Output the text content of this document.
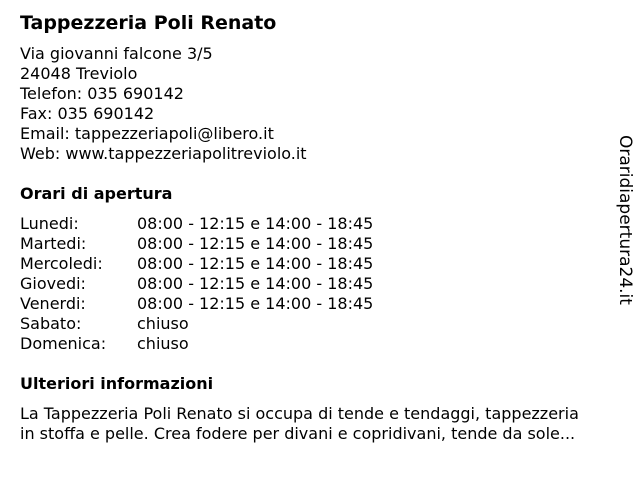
Tappezzeria Poli Renato
Via giovanni falcone 3/5
24048 Treviolo
Telefon: 035 690142
Fax: 035 690142
Email: tappezzeriapoli@libero.it
Web: www.tappezzeriapolitreviolo.it
Orari di apertura
Lunedi:	08:00 - 12:15 e 14:00 - 18:45
Martedi:	08:00 - 12:15 e 14:00 - 18:45
Mercoledi:	08:00 - 12:15 e 14:00 - 18:45
Giovedi:	08:00 - 12:15 e 14:00 - 18:45
Venerdi:	08:00 - 12:15 e 14:00 - 18:45
Sabato:	chiuso
Domenica:	chiuso
Ulteriori informazioni
La Tappezzeria Poli Renato si occupa di tende e tendaggi, tappezzeria
in stoffa e pelle. Crea fodere per divani e copridivani, tende da sole...
Oraridiapertura24.it
